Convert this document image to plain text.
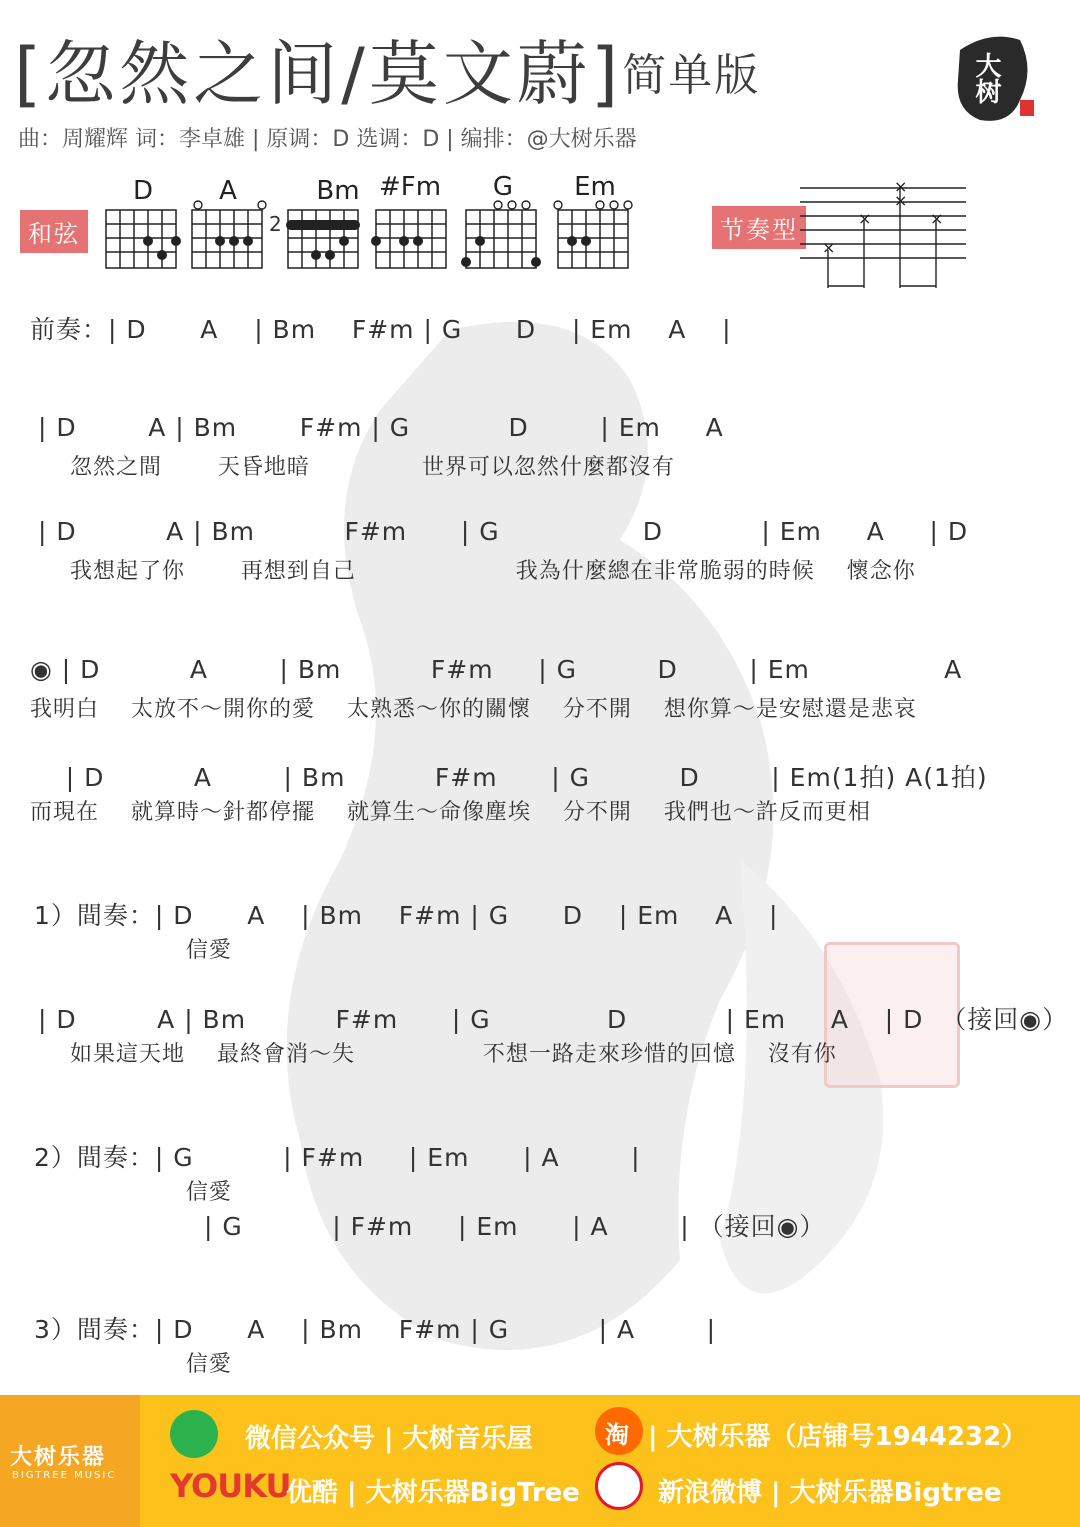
[忽然之间/莫文蔚]简单版
曲：周耀辉 词：李卓雄 | 原调：D 选调：D | 编排：@大树乐器
大树
和弦
D	A	Bm #Fm	G	Em
2	节奏型
×
×
×
×
×
前奏：| D      A    | Bm    F#m | G      D    | Em    A    |
| D        A | Bm       F#m | G           D        | Em     A
忽然之間       天昏地暗              世界可以忽然什麼都沒有
| D          A | Bm          F#m      | G                D           | Em     A     | D
我想起了你       再想到自己                    我為什麼總在非常脆弱的時候    懷念你
◉ | D          A        | Bm          F#m     | G         D        | Em               A
我明白    太放不～開你的愛    太熟悉～你的關懷    分不開    想你算～是安慰還是悲哀
| D          A        | Bm          F#m      | G          D        | Em(1拍) A(1拍)
而現在    就算時～針都停擺    就算生～命像塵埃    分不開    我們也～許反而更相
1）間奏：| D      A    | Bm    F#m | G      D    | Em    A    |
信愛
| D         A | Bm          F#m      | G             D           | Em     A    | D  （接回◉）
如果這天地    最終會消～失                不想一路走來珍惜的回憶    沒有你
2）間奏：| G          | F#m     | Em      | A        |
信愛
| G          | F#m     | Em      | A        | （接回◉）
3）間奏：| D      A    | Bm    F#m | G          | A        |
信愛
大树乐器
BIGTREE MUSIC
微信公众号 | 大树音乐屋	淘 | 大树乐器（店铺号1944232）
YOUKU
优酷 | 大树乐器BigTree	新浪微博 | 大树乐器Bigtree
